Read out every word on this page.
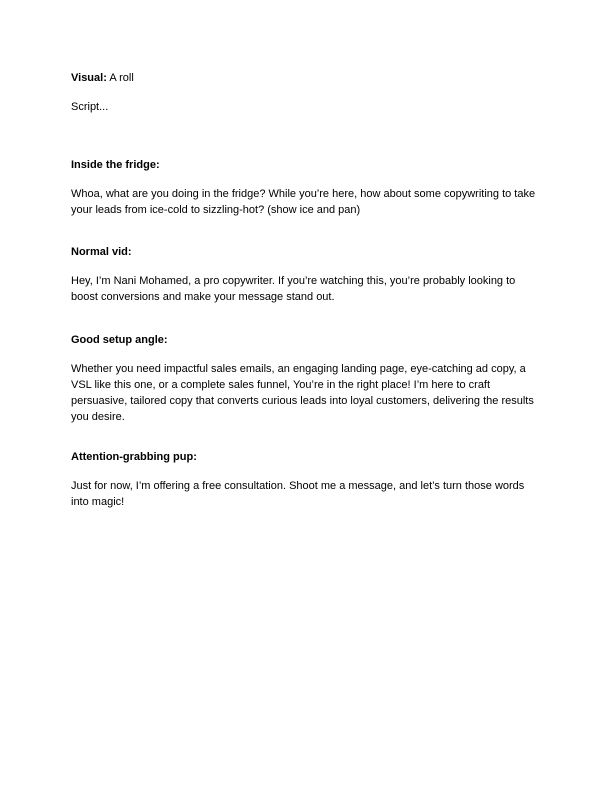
Visual: A roll
Script...
Inside the fridge:

Whoa, what are you doing in the fridge? While you’re here, how about some copywriting to take

your leads from ice-cold to sizzling-hot? (show ice and pan)

Normal vid:

Hey, I’m Nani Mohamed, a pro copywriter. If you’re watching this, you’re probably looking to

boost conversions and make your message stand out.

Good setup angle:

Whether you need impactful sales emails, an engaging landing page, eye-catching ad copy, a

VSL like this one, or a complete sales funnel, You’re in the right place! I’m here to craft

persuasive, tailored copy that converts curious leads into loyal customers, delivering the results

you desire.

Attention-grabbing pup:

Just for now, I’m offering a free consultation. Shoot me a message, and let’s turn those words

into magic!
